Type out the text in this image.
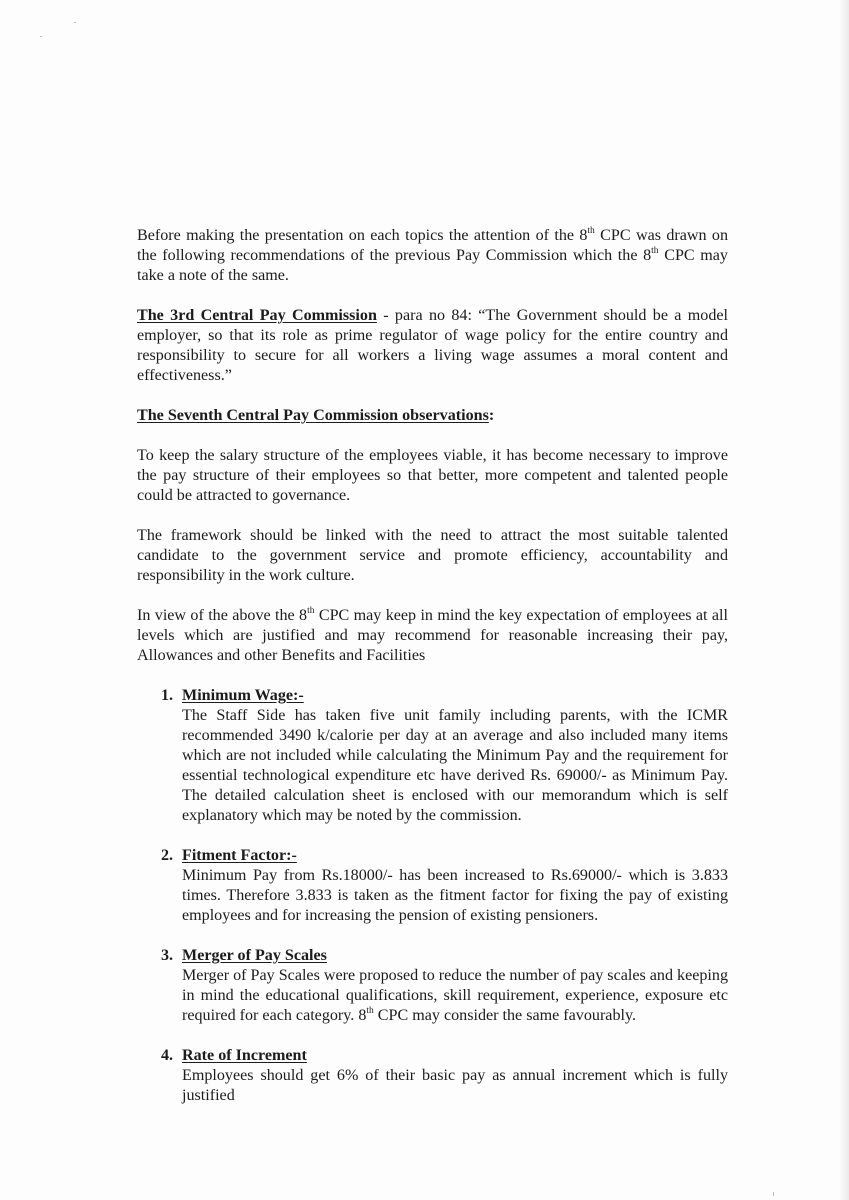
Before making the presentation on each topics the attention of the 8th CPC was drawn on the following recommendations of the previous Pay Commission which the 8th CPC may take a note of the same.

The 3rd Central Pay Commission - para no 84: “The Government should be a model employer, so that its role as prime regulator of wage policy for the entire country and responsibility to secure for all workers a living wage assumes a moral content and effectiveness.”

The Seventh Central Pay Commission observations:

To keep the salary structure of the employees viable, it has become necessary to improve the pay structure of their employees so that better, more competent and talented people could be attracted to governance.

The framework should be linked with the need to attract the most suitable talented candidate to the government service and promote efficiency, accountability and responsibility in the work culture.

In view of the above the 8th CPC may keep in mind the key expectation of employees at all levels which are justified and may recommend for reasonable increasing their pay, Allowances and other Benefits and Facilities

1. Minimum Wage:-

The Staff Side has taken five unit family including parents, with the ICMR recommended 3490 k/calorie per day at an average and also included many items which are not included while calculating the Minimum Pay and the requirement for essential technological expenditure etc have derived Rs. 69000/- as Minimum Pay. The detailed calculation sheet is enclosed with our memorandum which is self explanatory which may be noted by the commission.

2. Fitment Factor:-

Minimum Pay from Rs.18000/- has been increased to Rs.69000/- which is 3.833 times. Therefore 3.833 is taken as the fitment factor for fixing the pay of existing employees and for increasing the pension of existing pensioners.

3. Merger of Pay Scales

Merger of Pay Scales were proposed to reduce the number of pay scales and keeping in mind the educational qualifications, skill requirement, experience, exposure etc required for each category. 8th CPC may consider the same favourably.

4. Rate of Increment

Employees should get 6% of their basic pay as annual increment which is fully justified
